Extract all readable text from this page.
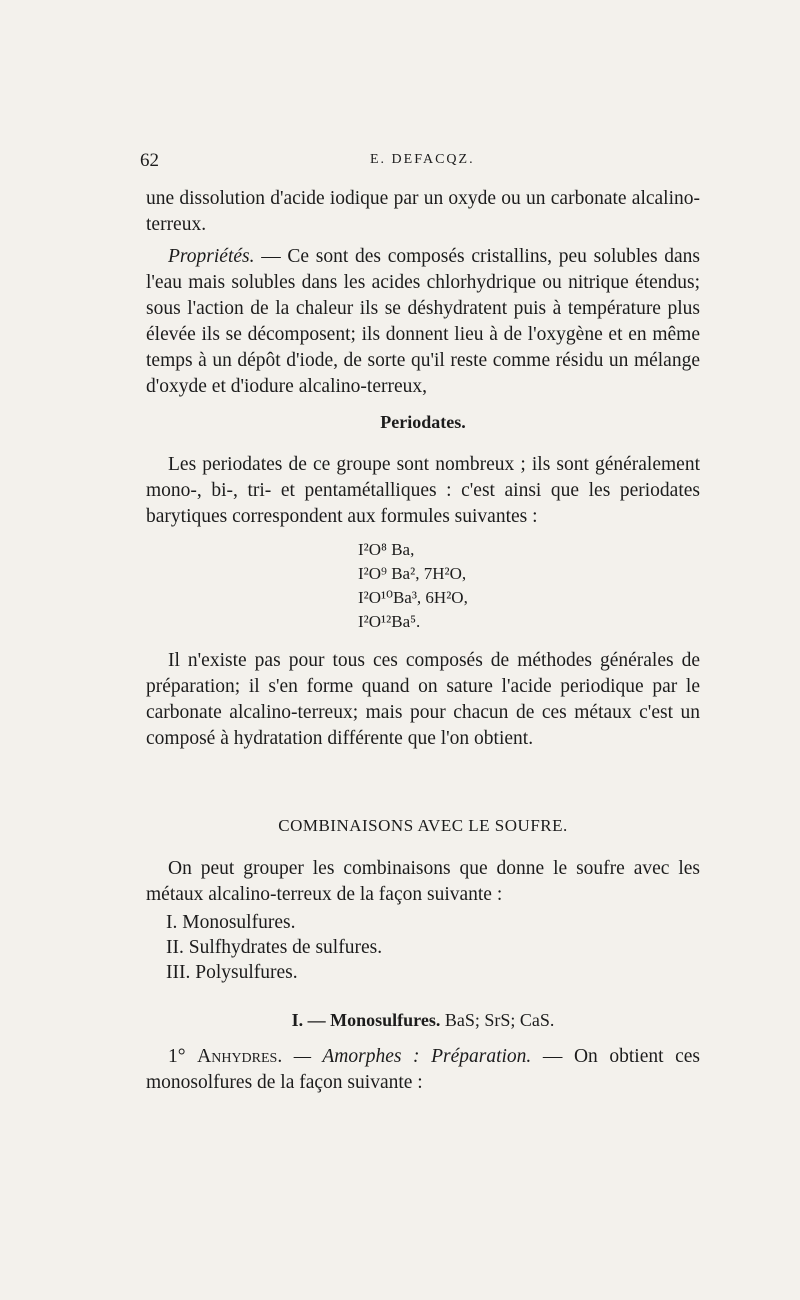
62	E. DEFACQZ.

une dissolution d'acide iodique par un oxyde ou un carbonate alcalino-terreux.

Propriétés. — Ce sont des composés cristallins, peu solubles dans l'eau mais solubles dans les acides chlorhydrique ou nitrique étendus; sous l'action de la chaleur ils se déshydratent puis à température plus élevée ils se décomposent; ils donnent lieu à de l'oxygène et en même temps à un dépôt d'iode, de sorte qu'il reste comme résidu un mélange d'oxyde et d'iodure alcalino-terreux,

Periodates.

Les periodates de ce groupe sont nombreux ; ils sont généralement mono-, bi-, tri- et pentamétalliques : c'est ainsi que les periodates barytiques correspondent aux formules suivantes :

I²O⁸ Ba,
I²O⁹ Ba², 7H²O,
I²O¹⁰Ba³, 6H²O,
I²O¹²Ba⁵.

Il n'existe pas pour tous ces composés de méthodes générales de préparation; il s'en forme quand on sature l'acide periodique par le carbonate alcalino-terreux; mais pour chacun de ces métaux c'est un composé à hydratation différente que l'on obtient.

COMBINAISONS AVEC LE SOUFRE.

On peut grouper les combinaisons que donne le soufre avec les métaux alcalino-terreux de la façon suivante :

I. Monosulfures.
II. Sulfhydrates de sulfures.
III. Polysulfures.
I. — Monosulfures. BaS; SrS; CaS.

1° Anhydres. — Amorphes : Préparation. — On obtient ces monosolfures de la façon suivante :
